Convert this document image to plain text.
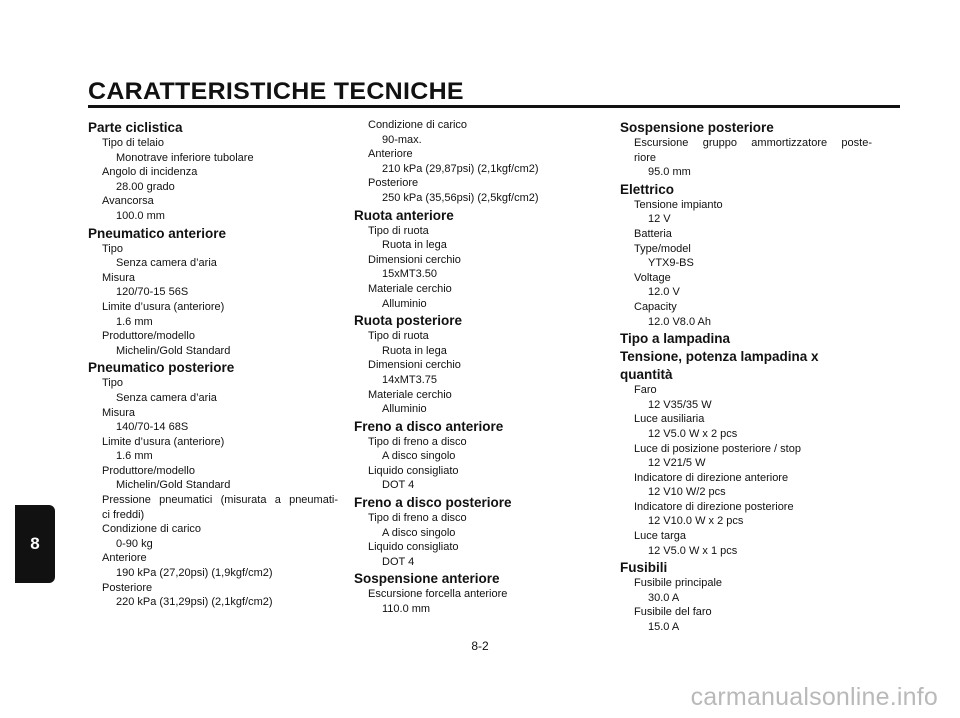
CARATTERISTICHE TECNICHE
8
Parte ciclistica
Tipo di telaio
Monotrave inferiore tubolare
Angolo di incidenza
28.00 grado
Avancorsa
100.0 mm
Pneumatico anteriore
Tipo
Senza camera d’aria
Misura
120/70-15 56S
Limite d’usura (anteriore)
1.6 mm
Produttore/modello
Michelin/Gold Standard
Pneumatico posteriore
Tipo
Senza camera d’aria
Misura
140/70-14 68S
Limite d’usura (anteriore)
1.6 mm
Produttore/modello
Michelin/Gold Standard
Pressione pneumatici (misurata a pneumati-
ci freddi)
Condizione di carico
0-90 kg
Anteriore
190 kPa (27,20psi) (1,9kgf/cm2)
Posteriore
220 kPa (31,29psi) (2,1kgf/cm2)
Condizione di carico
90-max.
Anteriore
210 kPa (29,87psi) (2,1kgf/cm2)
Posteriore
250 kPa (35,56psi) (2,5kgf/cm2)
Ruota anteriore
Tipo di ruota
Ruota in lega
Dimensioni cerchio
15xMT3.50
Materiale cerchio
Alluminio
Ruota posteriore
Tipo di ruota
Ruota in lega
Dimensioni cerchio
14xMT3.75
Materiale cerchio
Alluminio
Freno a disco anteriore
Tipo di freno a disco
A disco singolo
Liquido consigliato
DOT 4
Freno a disco posteriore
Tipo di freno a disco
A disco singolo
Liquido consigliato
DOT 4
Sospensione anteriore
Escursione forcella anteriore
110.0 mm
Sospensione posteriore
Escursione gruppo ammortizzatore poste-
riore
95.0 mm
Elettrico
Tensione impianto
12 V
Batteria
Type/model
YTX9-BS
Voltage
12.0 V
Capacity
12.0 V8.0 Ah
Tipo a lampadina
Tensione, potenza lampadina x
quantità
Faro
12 V35/35 W
Luce ausiliaria
12 V5.0 W x 2 pcs
Luce di posizione posteriore / stop
12 V21/5 W
Indicatore di direzione anteriore
12 V10 W/2 pcs
Indicatore di direzione posteriore
12 V10.0 W x 2 pcs
Luce targa
12 V5.0 W x 1 pcs
Fusibili
Fusibile principale
30.0 A
Fusibile del faro
15.0 A
8-2
carmanualsonline.info
